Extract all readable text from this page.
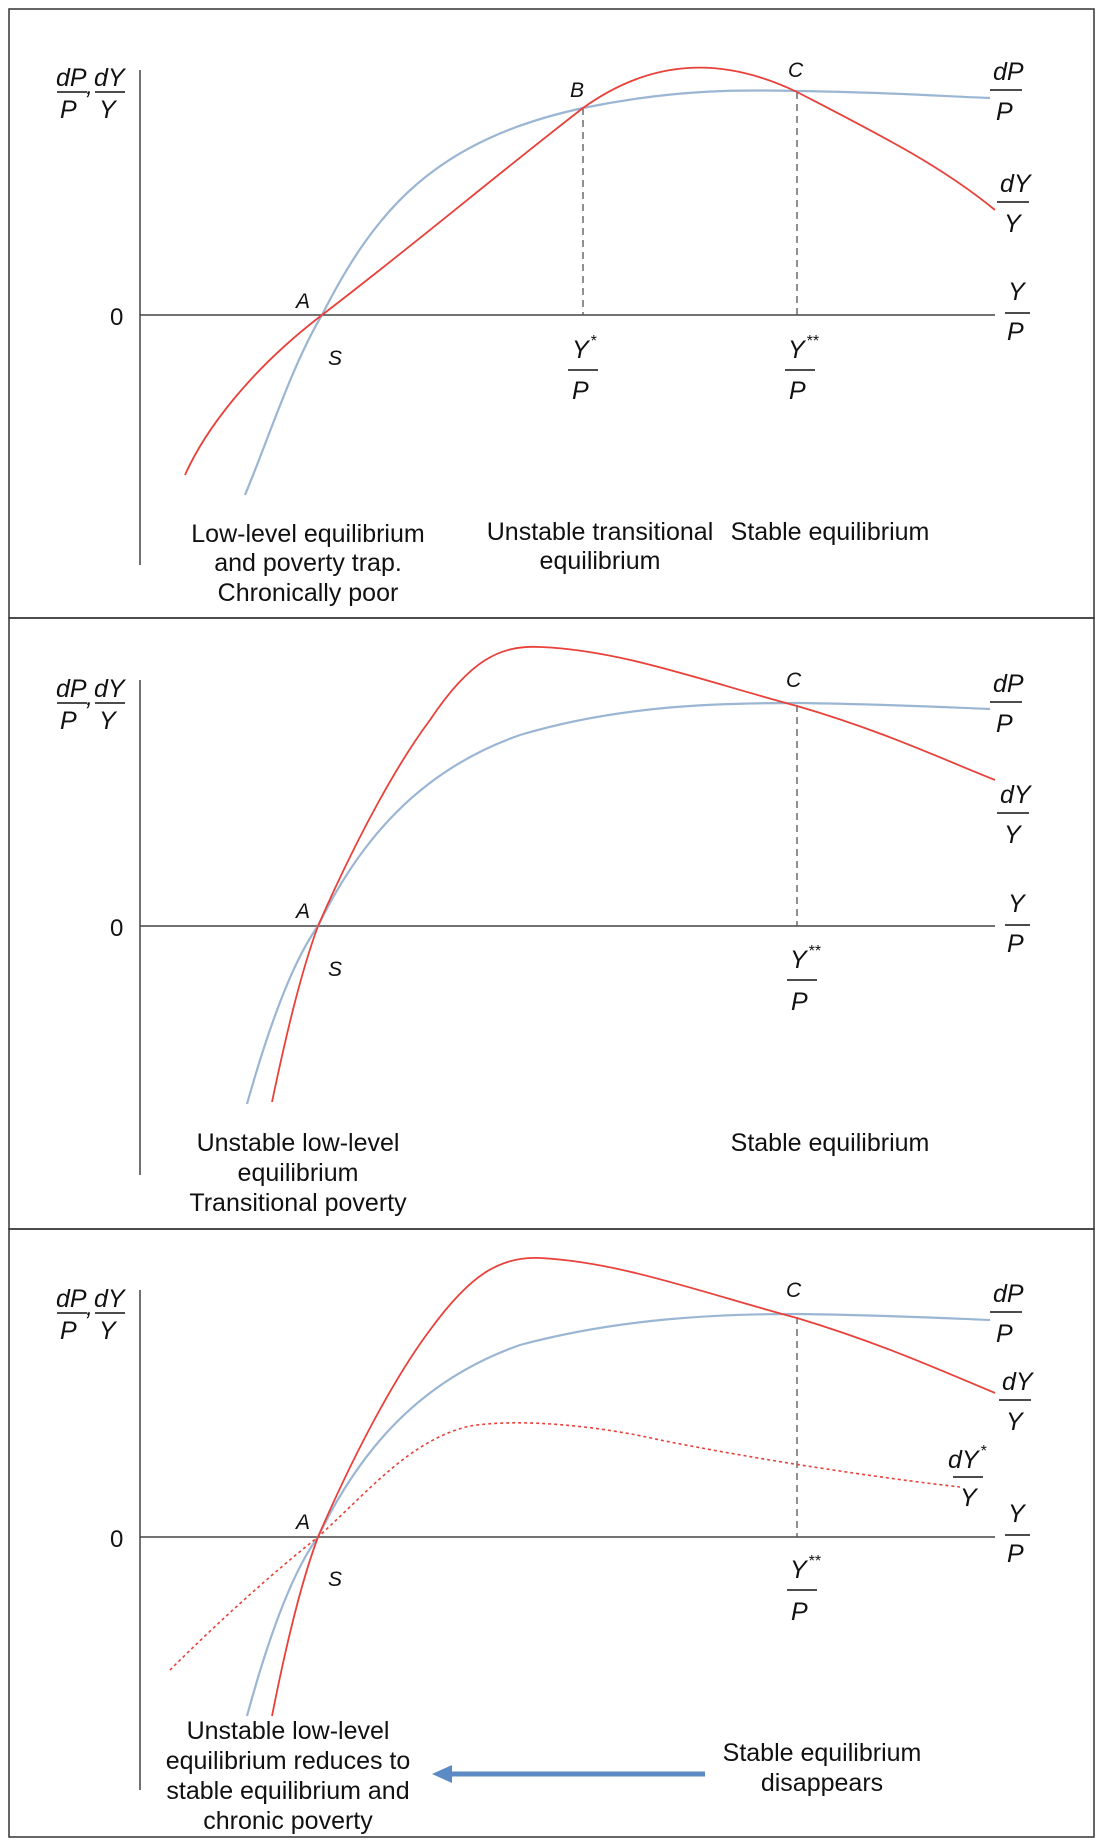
dP
P
, dY
Y
0
Y
P
A
S
B
C
Y *
P
Y **
P
dP
P
dY
Y
Low-level equilibrium
and poverty trap.
Chronically poor
Unstable transitional
equilibrium
Stable equilibrium
dP
P
, dY
Y
0
Y
P
A
S
C
Y **
P
dP
P
dY
Y
Unstable low-level
equilibrium
Transitional poverty
Stable equilibrium
dP
P
, dY
Y
0
Y
P
A
S
C
Y **
P
dP
P
dY
Y
dY *
Y
Unstable low-level
equilibrium reduces to
stable equilibrium and
chronic poverty
Stable equilibrium
disappears
